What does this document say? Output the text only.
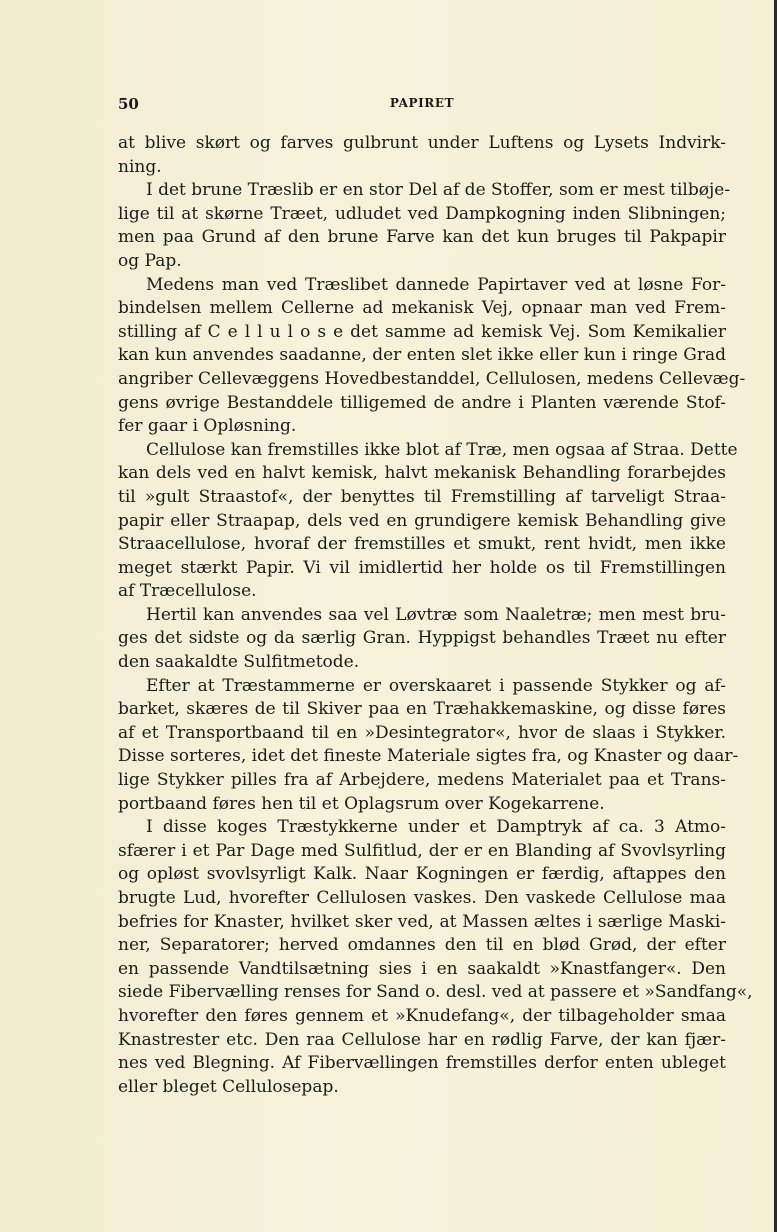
50	PAPIRET
at blive skørt og farves gulbrunt under Luftens og Lysets Indvirk-
ning.
I det brune Træslib er en stor Del af de Stoffer, som er mest tilbøje-
lige til at skørne Træet, udludet ved Dampkogning inden Slibningen;
men paa Grund af den brune Farve kan det kun bruges til Pakpapir
og Pap.
Medens man ved Træslibet dannede Papirtaver ved at løsne For-
bindelsen mellem Cellerne ad mekanisk Vej, opnaar man ved Frem-
stilling af C e l l u l o s e det samme ad kemisk Vej. Som Kemikalier
kan kun anvendes saadanne, der enten slet ikke eller kun i ringe Grad
angriber Cellevæggens Hovedbestanddel, Cellulosen, medens Cellevæg-
gens øvrige Bestanddele tilligemed de andre i Planten værende Stof-
fer gaar i Opløsning.
Cellulose kan fremstilles ikke blot af Træ, men ogsaa af Straa. Dette
kan dels ved en halvt kemisk, halvt mekanisk Behandling forarbejdes
til »gult Straastof«, der benyttes til Fremstilling af tarveligt Straa-
papir eller Straapap, dels ved en grundigere kemisk Behandling give
Straacellulose, hvoraf der fremstilles et smukt, rent hvidt, men ikke
meget stærkt Papir. Vi vil imidlertid her holde os til Fremstillingen
af Træcellulose.
Hertil kan anvendes saa vel Løvtræ som Naaletræ; men mest bru-
ges det sidste og da særlig Gran. Hyppigst behandles Træet nu efter
den saakaldte Sulfitmetode.
Efter at Træstammerne er overskaaret i passende Stykker og af-
barket, skæres de til Skiver paa en Træhakkemaskine, og disse føres
af et Transportbaand til en »Desintegrator«, hvor de slaas i Stykker.
Disse sorteres, idet det fineste Materiale sigtes fra, og Knaster og daar-
lige Stykker pilles fra af Arbejdere, medens Materialet paa et Trans-
portbaand føres hen til et Oplagsrum over Kogekarrene.
I disse koges Træstykkerne under et Damptryk af ca. 3 Atmo-
sfærer i et Par Dage med Sulfitlud, der er en Blanding af Svovlsyrling
og opløst svovlsyrligt Kalk. Naar Kogningen er færdig, aftappes den
brugte Lud, hvorefter Cellulosen vaskes. Den vaskede Cellulose maa
befries for Knaster, hvilket sker ved, at Massen æltes i særlige Maski-
ner, Separatorer; herved omdannes den til en blød Grød, der efter
en passende Vandtilsætning sies i en saakaldt »Knastfanger«. Den
siede Fibervælling renses for Sand o. desl. ved at passere et »Sandfang«,
hvorefter den føres gennem et »Knudefang«, der tilbageholder smaa
Knastrester etc. Den raa Cellulose har en rødlig Farve, der kan fjær-
nes ved Blegning. Af Fibervællingen fremstilles derfor enten ubleget
eller bleget Cellulosepap.
